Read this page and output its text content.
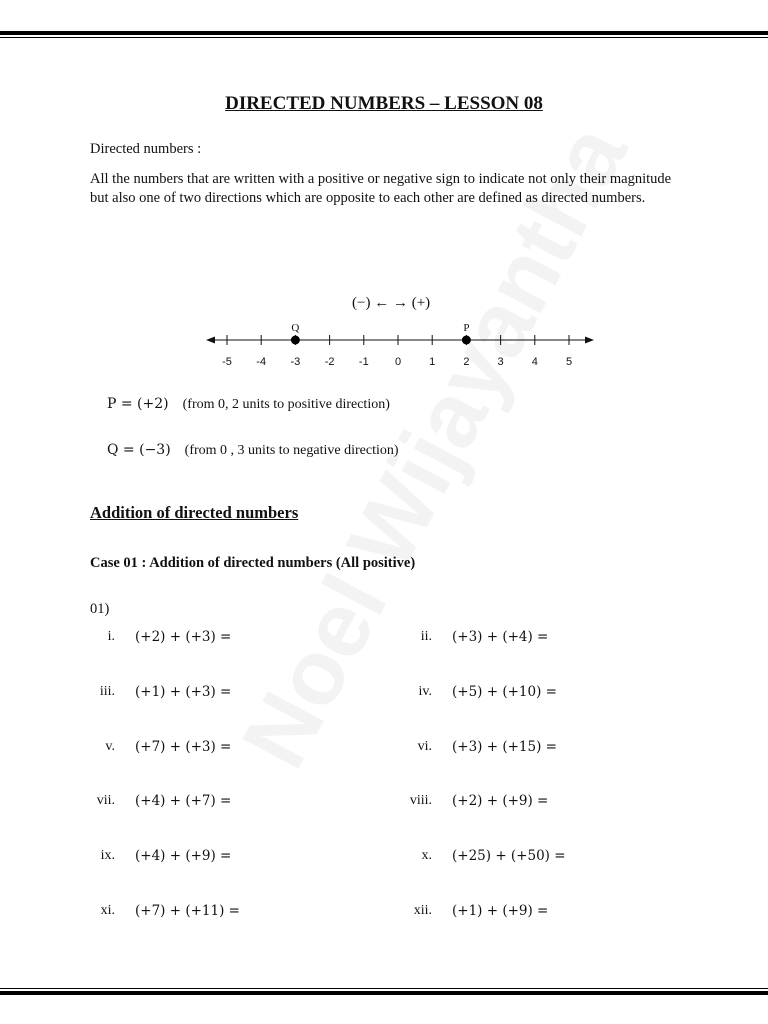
DIRECTED NUMBERS – LESSON 08
Directed numbers :
All the numbers that are written with a positive or negative sign to indicate not only their magnitude but also one of two directions which are opposite to each other are defined as directed numbers.
(−) ← → (+)
-5 -4 -3 -2 -1 0	1	2	3	4	5
Q	P
P = (+2) (from 0, 2 units to positive direction)
Q = (−3) (from 0 , 3 units to negative direction)
Addition of directed numbers
Case 01 : Addition of directed numbers (All positive)
01)
i. (+2) + (+3) =	ii. (+3) + (+4) =
iii. (+1) + (+3) =	iv. (+5) + (+10) =
v. (+7) + (+3) =	vi. (+3) + (+15) =
vii. (+4) + (+7) =	viii. (+2) + (+9) =
ix. (+4) + (+9) =	x. (+25) + (+50) =
xi. (+7) + (+11) =	xii. (+1) + (+9) =
